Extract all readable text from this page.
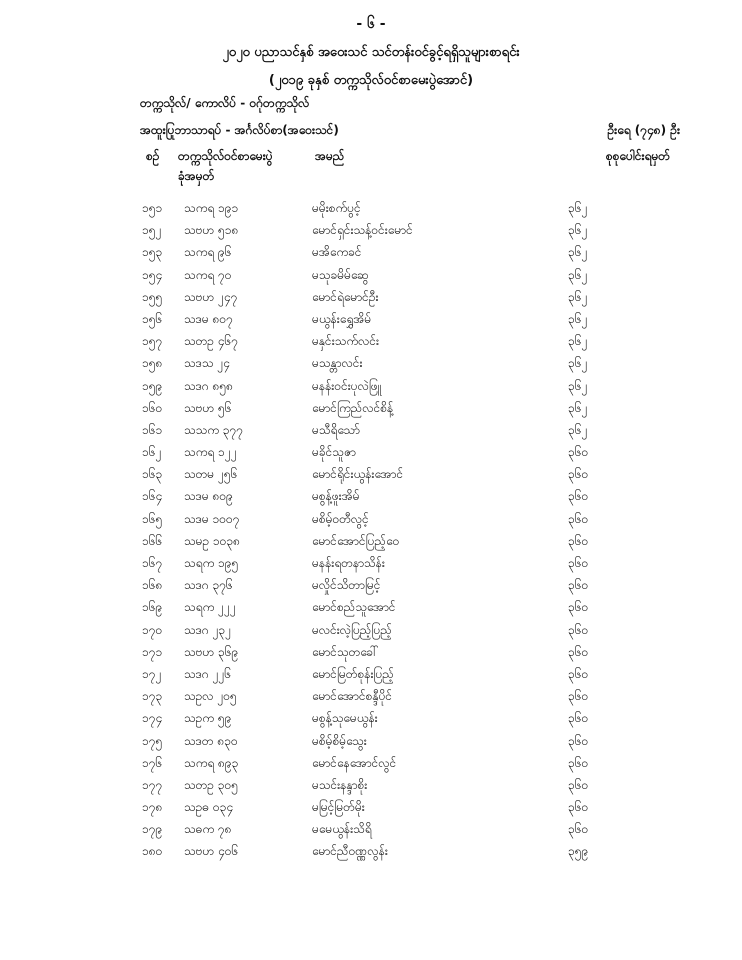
- ၆ -
၂၀၂၀ ပညာသင်နှစ် အဝေးသင် သင်တန်းဝင်ခွင့်ရရှိသူများစာရင်း
(၂၀၁၉ ခုနှစ် တက္ကသိုလ်ဝင်စာမေးပွဲအောင်)
တက္ကသိုလ်/ ကောလိပ် - ဝဂ်ုတက္ကသိုလ်
အထူးပြုဘာသာရပ် - အင်္ဂလိပ်စာ(အဝေးသင်)	ဦးရေ (၇၄၈) ဦး
စဉ် တက္ကသိုလ်ဝင်စာမေးပွဲ
ခုံအမှတ်
အမည်	စုစုပေါင်းရမှတ်
၁၅၁ သကရ ၁၉၁	မမိုးစက်ပွင့်	၃၆၂
၁၅၂ သဗဟ ၅၁၈	မောင်ရှင်းသန့်ဝင်းမောင်	၃၆၂
၁၅၃ သကရ ၉၆	မအိကေခင်	၃၆၂
၁၅၄ သကရ ၇၀	မသုခမိမ်ဆွေ	၃၆၂
၁၅၅ သဗဟ ၂၄၇	မောင်ရဲမောင်ဦး	၃၆၂
၁၅၆ သဒမ ၈၀၇	မယွန်းရွှေအိမ်	၃၆၂
၁၅၇ သတဥ ၄၆၇	မနှင်းသက်လင်း	၃၆၂
၁၅၈ သဒသ ၂၄	မသန္တာလင်း	၃၆၂
၁၅၉ သဒဂ ၈၅၈	မနန်းဝင်းပုလဲဖြူ	၃၆၂
၁၆၀ သဗဟ ၅၆	မောင်ကြည်လင်စိန့်	၃၆၂
၁၆၁ သသက ၃၇၇	မသီရိသော်	၃၆၂
၁၆၂ သကရ ၁၂၂	မခိုင်သူဇာ	၃၆၀
၁၆၃ သတမ ၂၅၆	မောင်ရိုင်းယွန်းအောင်	၃၆၀
၁၆၄ သဒမ ၈၀၉	မစွန့်ဖူးအိမ်	၃၆၀
၁၆၅ သဒမ ၁၀၀၇	မစိမ့်ဝတီလွင့်	၃၆၀
၁၆၆ သမဥ ၁၀၃၈	မောင်အောင်ပြည့်ဝေ	၃၆၀
၁၆၇ သရက ၁၉၅	မနန်းရတနာသိန်း	၃၆၀
၁၆၈ သဒဂ ၃၇၆	မလှိုင်သိတာမြင့်	၃၆၀
၁၆၉ သရက ၂၂၂	မောင်စည်သူအောင်	၃၆၀
၁၇၀ သဒဂ ၂၃၂	မလင်းလဲ့ပြည့်ပြည့်	၃၆၀
၁၇၁ သဗဟ ၃၆၉	မောင်သုတခေါ်	၃၆၀
၁၇၂ သဒဂ ၂၂၆	မောင်မြတ်စုန်းပြည့်	၃၆၀
၁၇၃ သဥလ ၂၀၅	မောင်အောင်စန္ဒီပိုင်	၃၆၀
၁၇၄ သဥက ၅၉	မစွန့်သုမေယွန်း	၃၆၀
၁၇၅ သဒတ ၈၃၀	မစိမ့်စိမ့်သွေး	၃၆၀
၁၇၆ သကရ ၈၉၃	မောင်နေအောင်လွင်	၃၆၀
၁၇၇ သတဥ ၃၀၅	မသင်းနန္ဒာစိုး	၃၆၀
၁၇၈ သဥဓ ၀၃၄	မမြင့်မြတ်မိုး	၃၆၀
၁၇၉ သဓက ၇၈	မမေယွန်းသိရိ	၃၆၀
၁၈၀ သဗဟ ၄၀၆	မောင်ညီဝဏ္ဏလွန်း	၃၅၉
